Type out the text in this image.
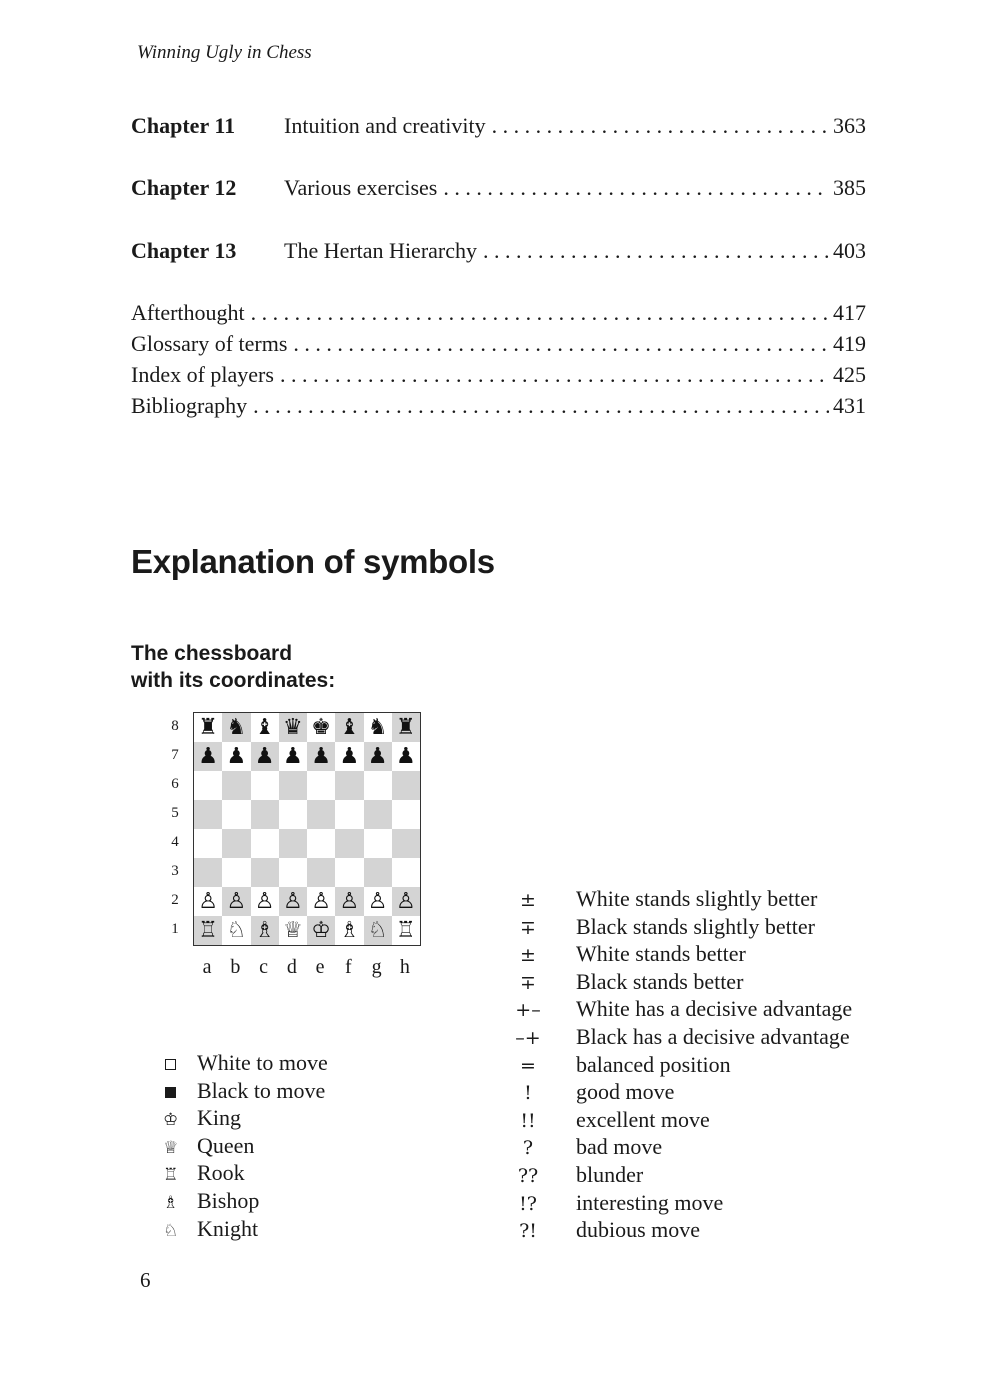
Winning Ugly in Chess
Chapter 11	Intuition and creativity . . .	363
Chapter 12	Various exercises . . .	385
Chapter 13	The Hertan Hierarchy . . .	403
Afterthought . . .	417
Glossary of terms . . .	419
Index of players . . .	425
Bibliography . . .	431
Explanation of symbols
The chessboard
with its coordinates:
8
7
6
5
4
3
2
1
♜ ♞ ♝ ♛ ♚ ♝ ♞ ♜
♟ ♟ ♟ ♟ ♟ ♟ ♟ ♟
♙ ♙ ♙ ♙ ♙ ♙ ♙ ♙
♖ ♘ ♗ ♕ ♔ ♗ ♘ ♖
a b c d e	f g h
White to move
Black to move
♔ King
♕ Queen
♖ Rook
♗ Bishop
♘ Knight
±	White stands slightly better
∓	Black stands slightly better
±	White stands better
∓	Black stands better
+–	White has a decisive advantage
–+	Black has a decisive advantage
=	balanced position
!	good move
!!	excellent move
?	bad move
??	blunder
!?	interesting move
?!	dubious move
6
